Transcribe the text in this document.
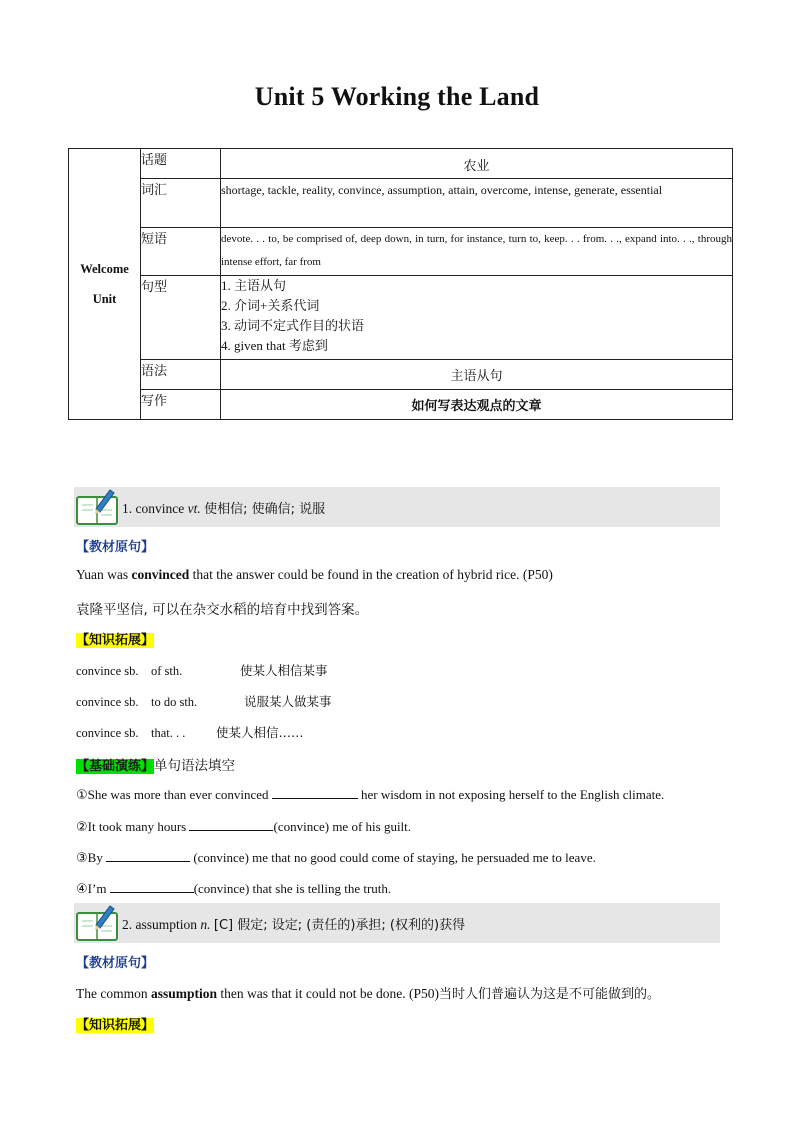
Unit 5 Working the Land
Welcome
Unit	话题	农业
	词汇	shortage, tackle, reality, convince, assumption, attain, overcome, intense, generate, essential
	短语	devote. . . to, be comprised of, deep down, in turn, for instance, turn to, keep. . . from. . ., expand into. . ., through intense effort, far from
	句型	1. 主语从句
2. 介词+关系代词
3. 动词不定式作目的状语
4. given that 考虑到

	语法	主语从句
	写作	如何写表达观点的文章
1. convince vt. 使相信; 使确信; 说服
【教材原句】
Yuan was convinced that the answer could be found in the creation of hybrid rice. (P50)
袁隆平坚信, 可以在杂交水稻的培育中找到答案。
【知识拓展】
convince sb.    of sth.	使某人相信某事
convince sb.    to do sth.	说服某人做某事
convince sb.    that. . . 使某人相信……
【基础演练】单句语法填空
①She was more than ever convinced	her wisdom in not exposing herself to the English climate.
②It took many hours	(convince) me of his guilt.
③By	(convince) me that no good could come of staying, he persuaded me to leave.
④I’m	(convince) that she is telling the truth.
2. assumption n. [C] 假定; 设定; (责任的)承担; (权利的)获得
【教材原句】
The common assumption then was that it could not be done. (P50)当时人们普遍认为这是不可能做到的。
【知识拓展】
